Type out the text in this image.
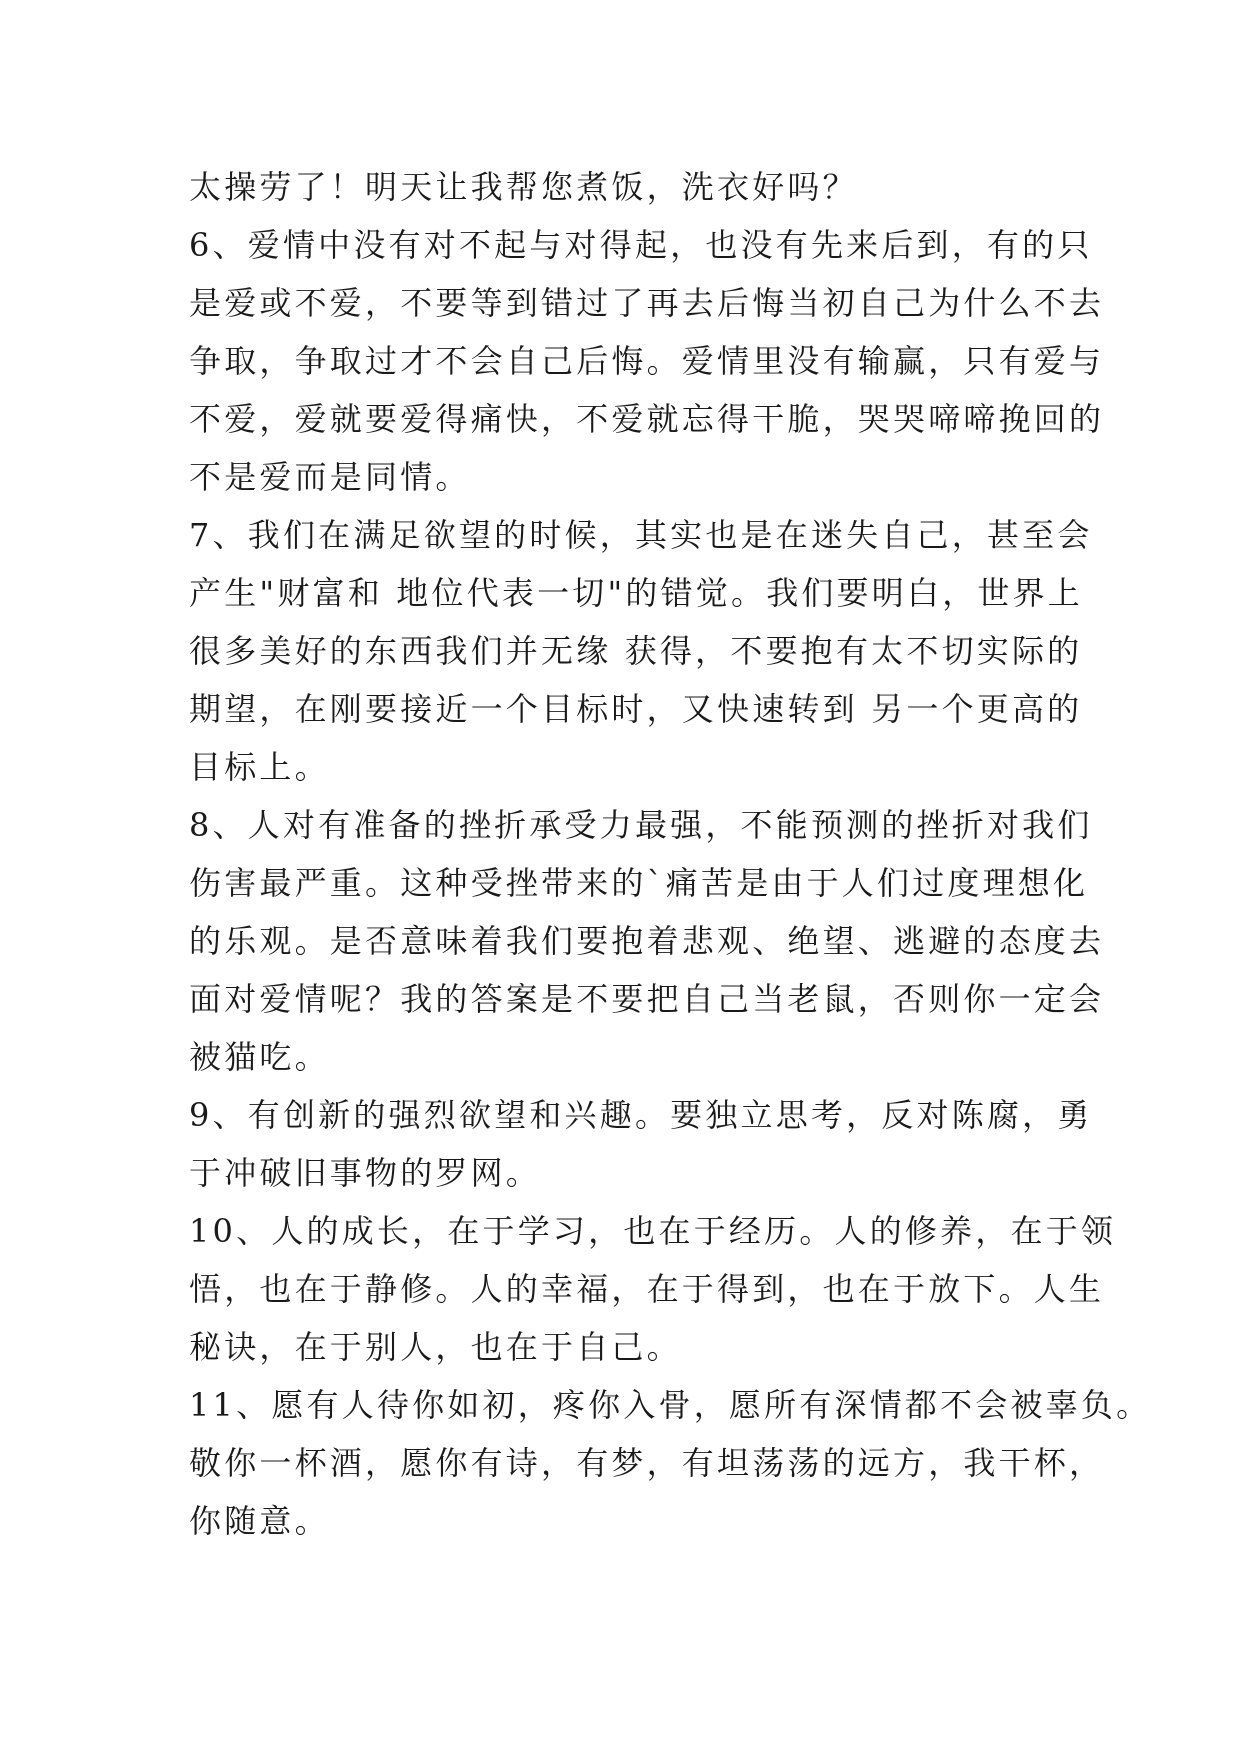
太操劳了！明天让我帮您煮饭，洗衣好吗？
6、爱情中没有对不起与对得起，也没有先来后到，有的只
是爱或不爱，不要等到错过了再去后悔当初自己为什么不去
争取，争取过才不会自己后悔。爱情里没有输赢，只有爱与
不爱，爱就要爱得痛快，不爱就忘得干脆，哭哭啼啼挽回的
不是爱而是同情。
7、我们在满足欲望的时候，其实也是在迷失自己，甚至会
产生"财富和 地位代表一切"的错觉。我们要明白，世界上
很多美好的东西我们并无缘 获得，不要抱有太不切实际的
期望，在刚要接近一个目标时，又快速转到 另一个更高的
目标上。
8、人对有准备的挫折承受力最强，不能预测的挫折对我们
伤害最严重。这种受挫带来的`痛苦是由于人们过度理想化
的乐观。是否意味着我们要抱着悲观、绝望、逃避的态度去
面对爱情呢？我的答案是不要把自己当老鼠，否则你一定会
被猫吃。
9、有创新的强烈欲望和兴趣。要独立思考，反对陈腐，勇
于冲破旧事物的罗网。
10、人的成长，在于学习，也在于经历。人的修养，在于领
悟，也在于静修。人的幸福，在于得到，也在于放下。人生
秘诀，在于别人，也在于自己。
11、愿有人待你如初，疼你入骨，愿所有深情都不会被辜负。
敬你一杯酒，愿你有诗，有梦，有坦荡荡的远方，我干杯，
你随意。
